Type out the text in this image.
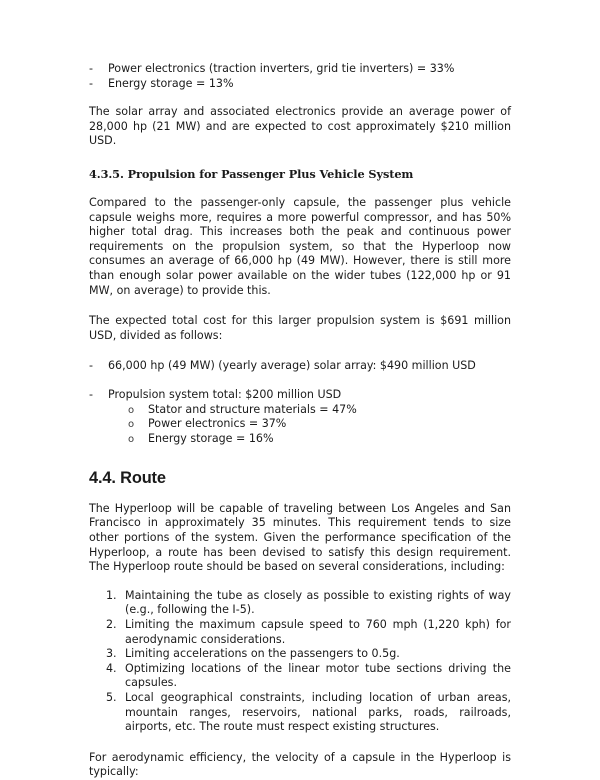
- Power electronics (traction inverters, grid tie inverters) = 33%
- Energy storage = 13%

The solar array and associated electronics provide an average power of 28,000 hp (21 MW) and are expected to cost approximately $210 million USD.

4.3.5. Propulsion for Passenger Plus Vehicle System

Compared to the passenger-only capsule, the passenger plus vehicle capsule weighs more, requires a more powerful compressor, and has 50% higher total drag. This increases both the peak and continuous power requirements on the propulsion system, so that the Hyperloop now consumes an average of 66,000 hp (49 MW). However, there is still more than enough solar power available on the wider tubes (122,000 hp or 91 MW, on average) to provide this.

The expected total cost for this larger propulsion system is $691 million USD, divided as follows:

- 66,000 hp (49 MW) (yearly average) solar array: $490 million USD
- Propulsion system total: $200 million USD
o Stator and structure materials = 47%
o Power electronics = 37%
o Energy storage = 16%
4.4. Route

The Hyperloop will be capable of traveling between Los Angeles and San Francisco in approximately 35 minutes. This requirement tends to size other portions of the system. Given the performance specification of the Hyperloop, a route has been devised to satisfy this design requirement. The Hyperloop route should be based on several considerations, including:

1. Maintaining the tube as closely as possible to existing rights of way (e.g., following the I-5).
2. Limiting the maximum capsule speed to 760 mph (1,220 kph) for aerodynamic considerations.
3. Limiting accelerations on the passengers to 0.5g.
4. Optimizing locations of the linear motor tube sections driving the capsules.
5. Local geographical constraints, including location of urban areas, mountain ranges, reservoirs, national parks, roads, railroads, airports, etc. The route must respect existing structures.

For aerodynamic efficiency, the velocity of a capsule in the Hyperloop is typically:
